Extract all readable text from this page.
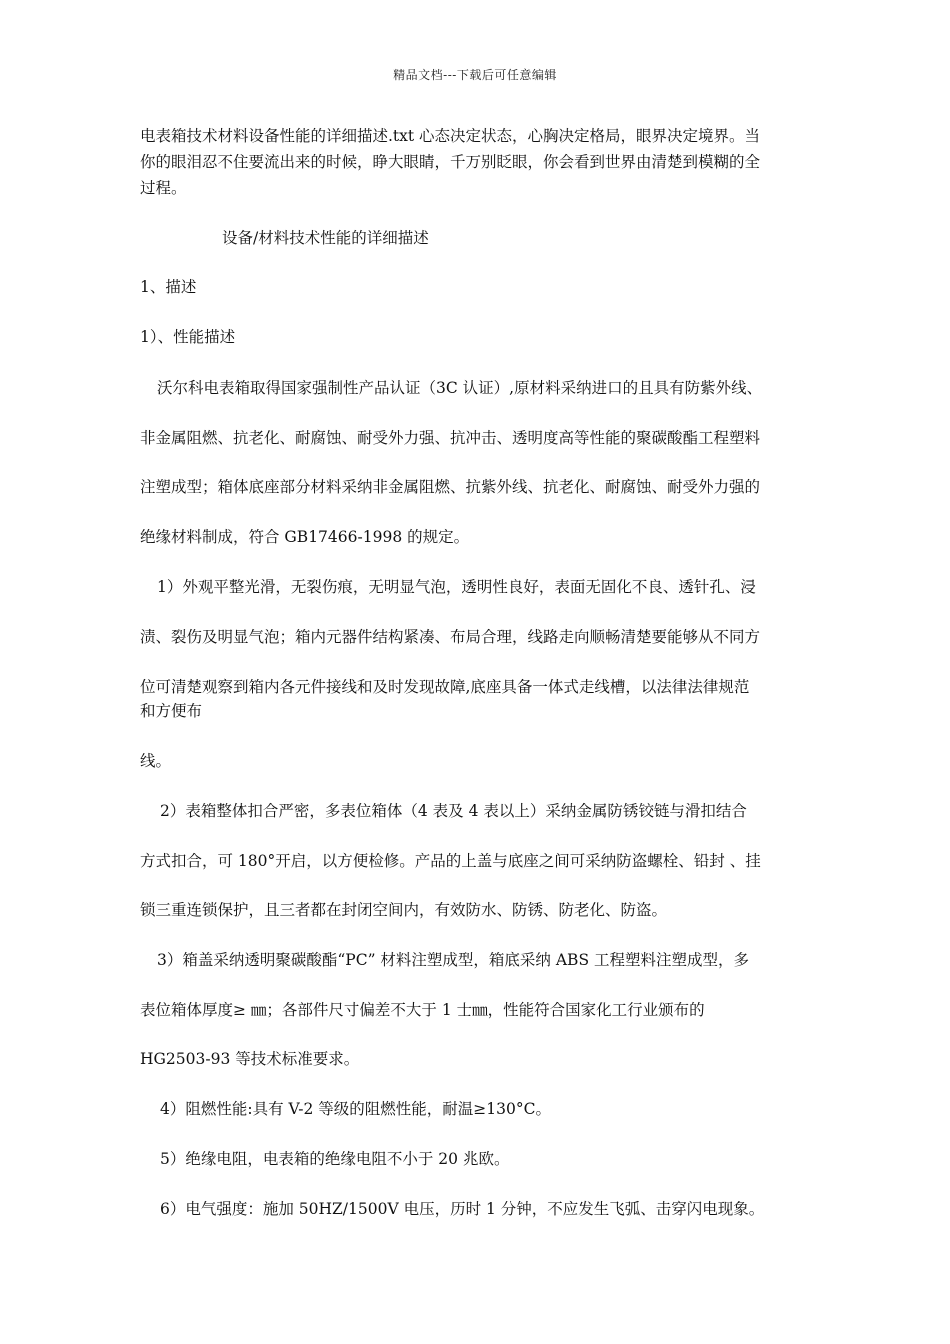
精品文档---下载后可任意编辑
电表箱技术材料设备性能的详细描述.txt 心态决定状态，心胸决定格局，眼界决定境界。当
你的眼泪忍不住要流出来的时候，睁大眼睛，千万别眨眼，你会看到世界由清楚到模糊的全
过程。
设备/材料技术性能的详细描述
1、描述
1）、性能描述
沃尔科电表箱取得国家强制性产品认证（3C 认证）,原材料采纳进口的且具有防紫外线、
非金属阻燃、抗老化、耐腐蚀、耐受外力强、抗冲击、透明度高等性能的聚碳酸酯工程塑料
注塑成型；箱体底座部分材料采纳非金属阻燃、抗紫外线、抗老化、耐腐蚀、耐受外力强的
绝缘材料制成，符合 GB17466-1998 的规定。
1）外观平整光滑，无裂伤痕，无明显气泡，透明性良好，表面无固化不良、透针孔、浸
渍、裂伤及明显气泡；箱内元器件结构紧凑、布局合理，线路走向顺畅清楚要能够从不同方
位可清楚观察到箱内各元件接线和及时发现故障,底座具备一体式走线槽，以法律法律规范
和方便布
线。
2）表箱整体扣合严密，多表位箱体（4 表及 4 表以上）采纳金属防锈铰链与滑扣结合
方式扣合，可 180°开启，以方便检修。产品的上盖与底座之间可采纳防盗螺栓、铅封 、挂
锁三重连锁保护，且三者都在封闭空间内，有效防水、防锈、防老化、防盗。
3）箱盖采纳透明聚碳酸酯“PC” 材料注塑成型，箱底采纳 ABS 工程塑料注塑成型，多
表位箱体厚度≥ ㎜；各部件尺寸偏差不大于 1 士㎜，性能符合国家化工行业颁布的
HG2503-93 等技术标准要求。
4）阻燃性能:具有 V-2 等级的阻燃性能，耐温≥130°C。
5）绝缘电阻，电表箱的绝缘电阻不小于 20 兆欧。
6）电气强度：施加 50HZ/1500V 电压，历时 1 分钟，不应发生飞弧、击穿闪电现象。
